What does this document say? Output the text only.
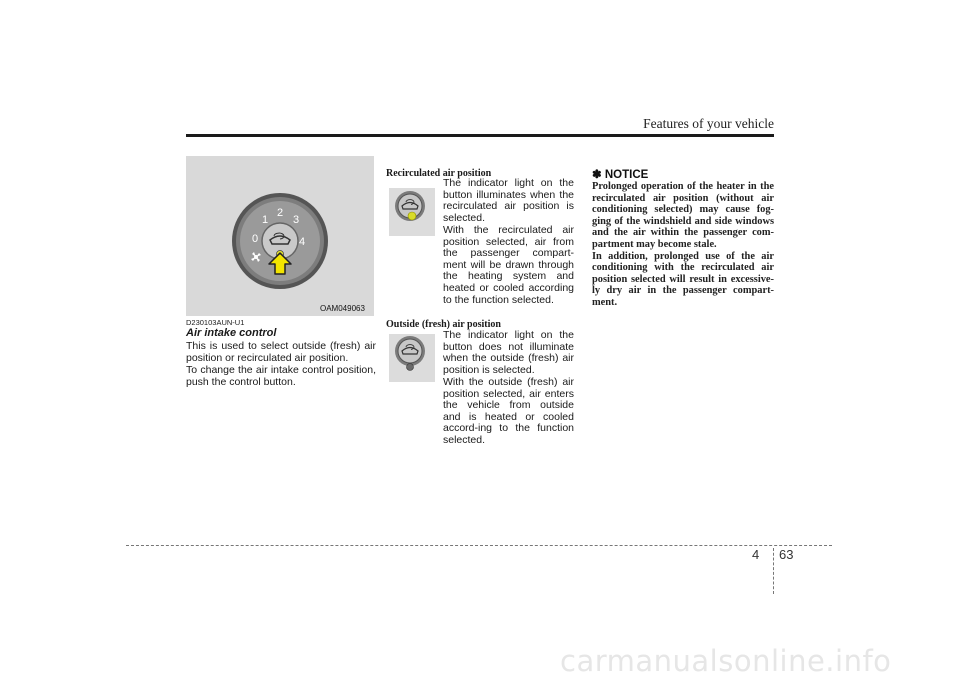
Features of your vehicle
1
2
3
0	4
OAM049063
D230103AUN-U1
Air intake control
This is used to select outside (fresh) air position or recirculated air position.
To change the air intake control position, push the control button.
Recirculated air position
The indicator light on the button illuminates when the recirculated air position is selected.
With the recirculated air position selected, air from the passenger compart-ment will be drawn through the heating system and heated or cooled according to the function selected.
Outside (fresh) air position
The indicator light on the button does not illuminate when the outside (fresh) air position is selected.
With the outside (fresh) air position selected, air enters the vehicle from outside and is heated or cooled accord-ing to the function selected.
✽ NOTICE
Prolonged operation of the heater in the recirculated air position (without air conditioning selected) may cause fog-ging of the windshield and side windows and the air within the passenger com-partment may become stale.
In addition, prolonged use of the air conditioning with the recirculated air position selected will result in excessive-ly dry air in the passenger compart-ment.
4 63
carmanualsonline.info
